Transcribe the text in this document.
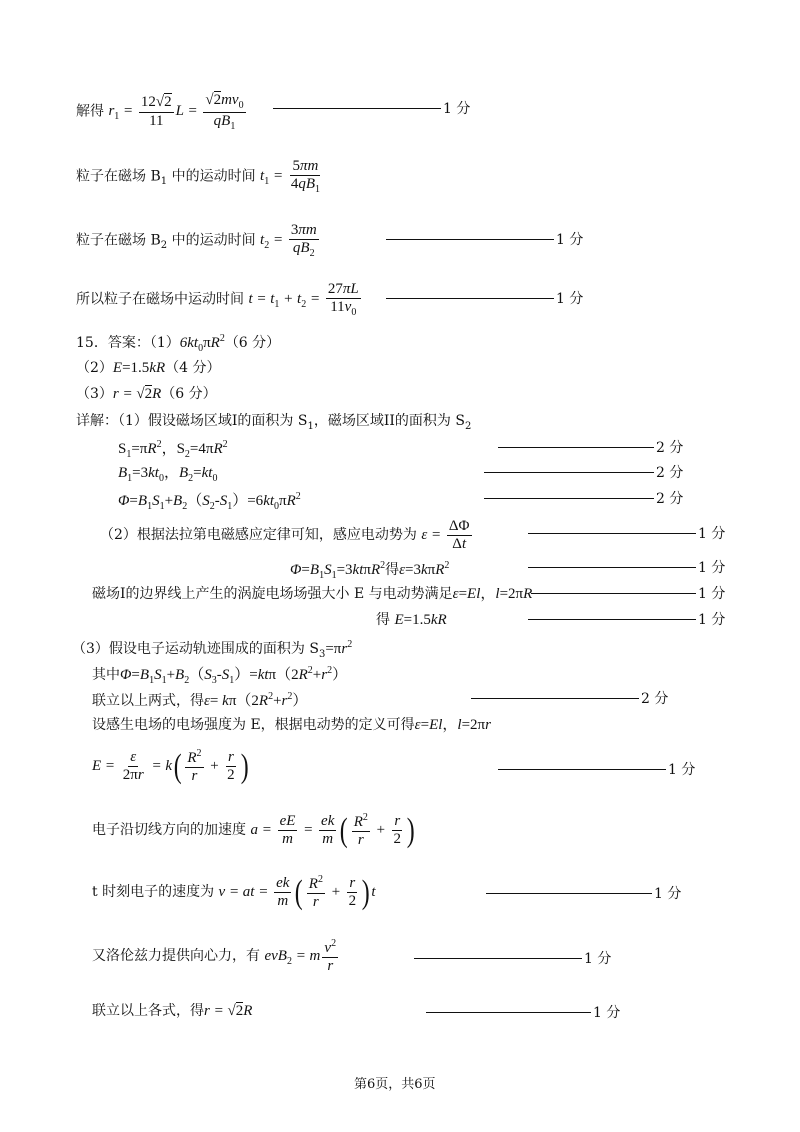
解得 $r_1 = \frac{12√2}{11}$ $L = \frac{√2mv_0}{qB_1}$	1 分
粒子在磁场 $B_1$ 中的运动时间 $t_1 = \frac{5\pi m}{4qB_1}$
粒子在磁场 $B_2$ 中的运动时间 $t_2 = \frac{3\pi m}{qB_2}$	1 分
所以粒子在磁场中运动时间 $t = t_1 + t_2 = \frac{27\pi L}{11v_0}$	1 分
15．答案：$(1)6kt_0\pi R^2(6$ 分）
（2）E=1.5kR（4 分）
（3）r = √2R（6 分）
详解：（1）假设磁场区域I的面积为 $S_1$，磁场区域II的面积为 $S_2$
$S_1=\pi R^2$，$S_2=4\pi R^2$	2 分
$B_1=3kt_0$，$B_2=kt_0$	2 分
$\Phi=B_1S_1+B_2(S_2-S_1)=6kt_0\pi R^2$	2 分
（2）根据法拉第电磁感应定律可知，感应电动势为 $\varepsilon = \frac{\Delta\Phi}{\Delta t}$	1 分
$\Phi=B_1S_1=3kt\pi R^2$得ε=3kπR$^2$	1 分
磁场I的边界线上产生的涡旋电场场强大小 E 与电动势满足ε=El，l=2πR	1 分
得 E=1.5kR	1 分
（3）假设电子运动轨迹围成的面积为 $S_3=\pi r^2$
其中$\Phi=B_1S_1+B_2(S_3-S_1)=kt\pi(2R^2+r^2)$
联立以上两式，得$\varepsilon= k\pi(2R^2+r^2)$	2 分
设感生电场的电场强度为 E，根据电动势的定义可得ε=El，l=2πr
$E = \frac{\varepsilon}{2\pi r} = k( \frac{R^2}{r} + \frac{r}{2}$ )	1 分
电子沿切线方向的加速度 $a = \frac{eE}{m} = \frac{ek}{m}$ ( $\frac{R^2}{r} + \frac{r}{2}$ )
t 时刻电子的速度为 v = at = $\frac{ek}{m}$ ( $\frac{R^2}{r} + \frac{r}{2}$ ) t	1 分
又洛伦兹力提供向心力，有 evB$_2$ = m $\frac{v^2}{r}$	1 分
联立以上各式，得r = √2R	1 分
第6页，共6页
